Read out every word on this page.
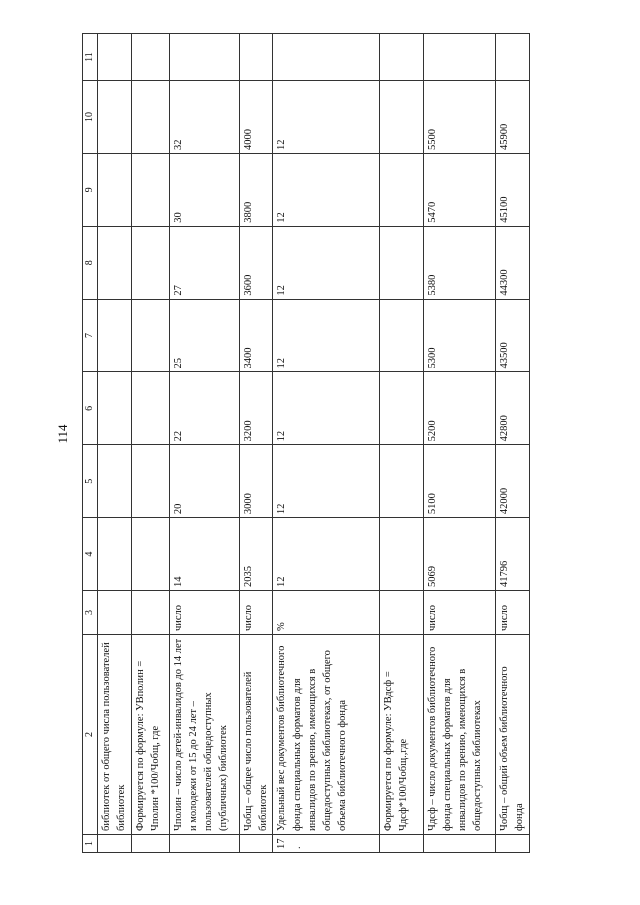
114
1	2	3	4	5	6	7	8	9	10	11
	библиотек от общего числа пользователей библиотек									
	Формируется по формуле: УВполин = Чполин *100/Чобщ, где									
	Чполин – число детей-инвалидов до 14 лет и молодежи от 15 до 24 лет – пользователей общедоступных (публичных) библиотек	число	14	20	22	25	27	30	32	
	Чобщ – общее число пользователей библиотек	число	2035	3000	3200	3400	3600	3800	4000	
17.	Удельный вес документов библиотечного фонда специальных форматов для инвалидов по зрению, имеющихся в общедоступных библиотеках, от общего объема библиотечного фонда	%	12	12	12	12	12	12	12	
	Формируется по формуле: УВдсф = Чдсф*100/Чобщ.,где									
	Чдсф – число документов библиотечного фонда специальных форматов для инвалидов по зрению, имеющихся в общедоступных библиотеках	число	5069	5100	5200	5300	5380	5470	5500	
	Чобщ – общий объем библиотечного фонда	число	41796	42000	42800	43500	44300	45100	45900	
